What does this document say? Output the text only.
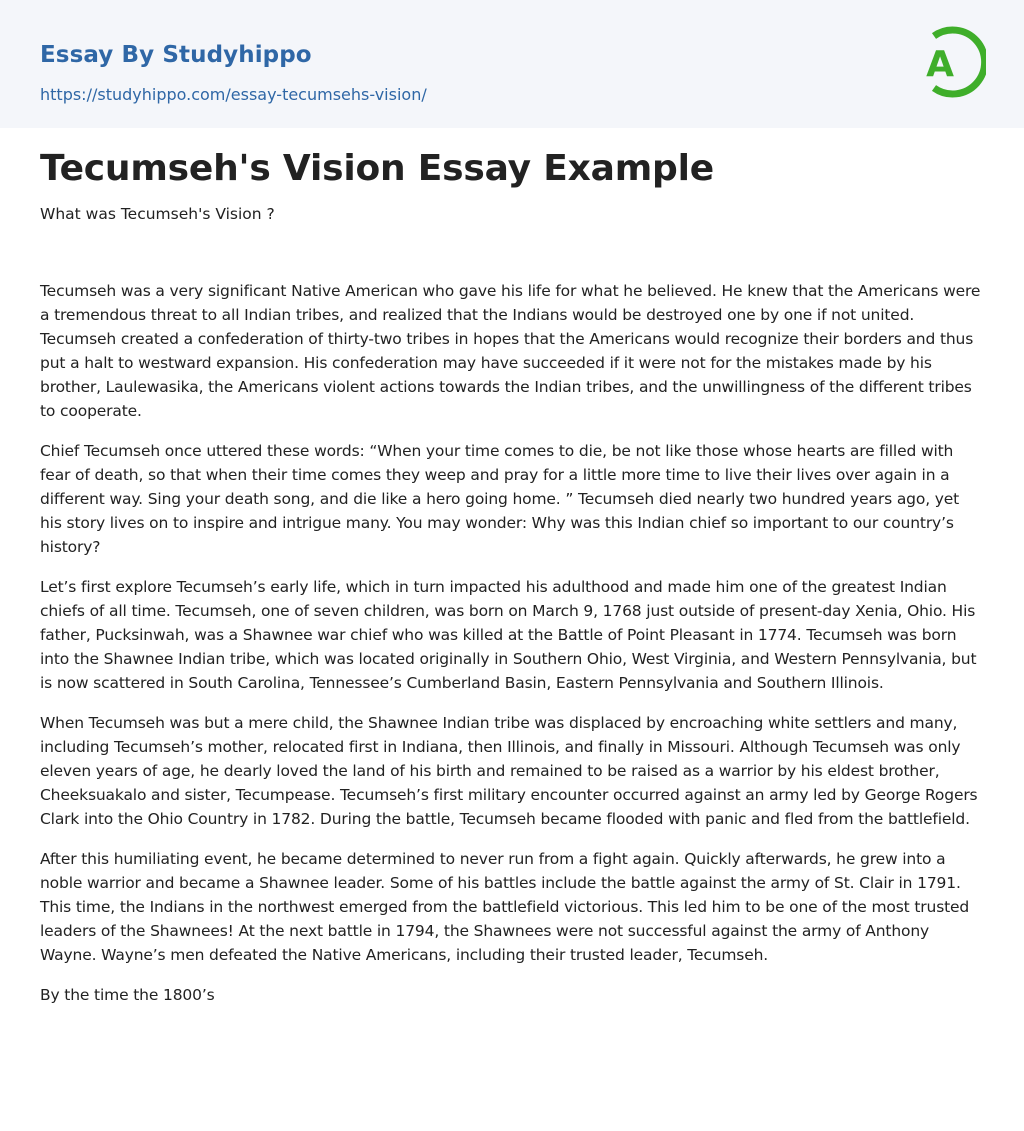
Essay By Studyhippo
https://studyhippo.com/essay-tecumsehs-vision/
A
Tecumseh's Vision Essay Example
What was Tecumseh's Vision ?

Tecumseh was a very significant Native American who gave his life for what he believed. He knew that the Americans were a tremendous threat to all Indian tribes, and realized that the Indians would be destroyed one by one if not united. Tecumseh created a confederation of thirty-two tribes in hopes that the Americans would recognize their borders and thus put a halt to westward expansion. His confederation may have succeeded if it were not for the mistakes made by his brother, Laulewasika, the Americans violent actions towards the Indian tribes, and the unwillingness of the different tribes to cooperate.

Chief Tecumseh once uttered these words: “When your time comes to die, be not like those whose hearts are filled with fear of death, so that when their time comes they weep and pray for a little more time to live their lives over again in a different way. Sing your death song, and die like a hero going home. ” Tecumseh died nearly two hundred years ago, yet his story lives on to inspire and intrigue many. You may wonder: Why was this Indian chief so important to our country’s history?

Let’s first explore Tecumseh’s early life, which in turn impacted his adulthood and made him one of the greatest Indian chiefs of all time. Tecumseh, one of seven children, was born on March 9, 1768 just outside of present-day Xenia, Ohio. His father, Pucksinwah, was a Shawnee war chief who was killed at the Battle of Point Pleasant in 1774. Tecumseh was born into the Shawnee Indian tribe, which was located originally in Southern Ohio, West Virginia, and Western Pennsylvania, but is now scattered in South Carolina, Tennessee’s Cumberland Basin, Eastern Pennsylvania and Southern Illinois.

When Tecumseh was but a mere child, the Shawnee Indian tribe was displaced by encroaching white settlers and many, including Tecumseh’s mother, relocated first in Indiana, then Illinois, and finally in Missouri. Although Tecumseh was only eleven years of age, he dearly loved the land of his birth and remained to be raised as a warrior by his eldest brother, Cheeksuakalo and sister, Tecumpease. Tecumseh’s first military encounter occurred against an army led by George Rogers Clark into the Ohio Country in 1782. During the battle, Tecumseh became flooded with panic and fled from the battlefield.

After this humiliating event, he became determined to never run from a fight again. Quickly afterwards, he grew into a noble warrior and became a Shawnee leader. Some of his battles include the battle against the army of St. Clair in 1791. This time, the Indians in the northwest emerged from the battlefield victorious. This led him to be one of the most trusted leaders of the Shawnees! At the next battle in 1794, the Shawnees were not successful against the army of Anthony Wayne. Wayne’s men defeated the Native Americans, including their trusted leader, Tecumseh.

By the time the 1800’s
